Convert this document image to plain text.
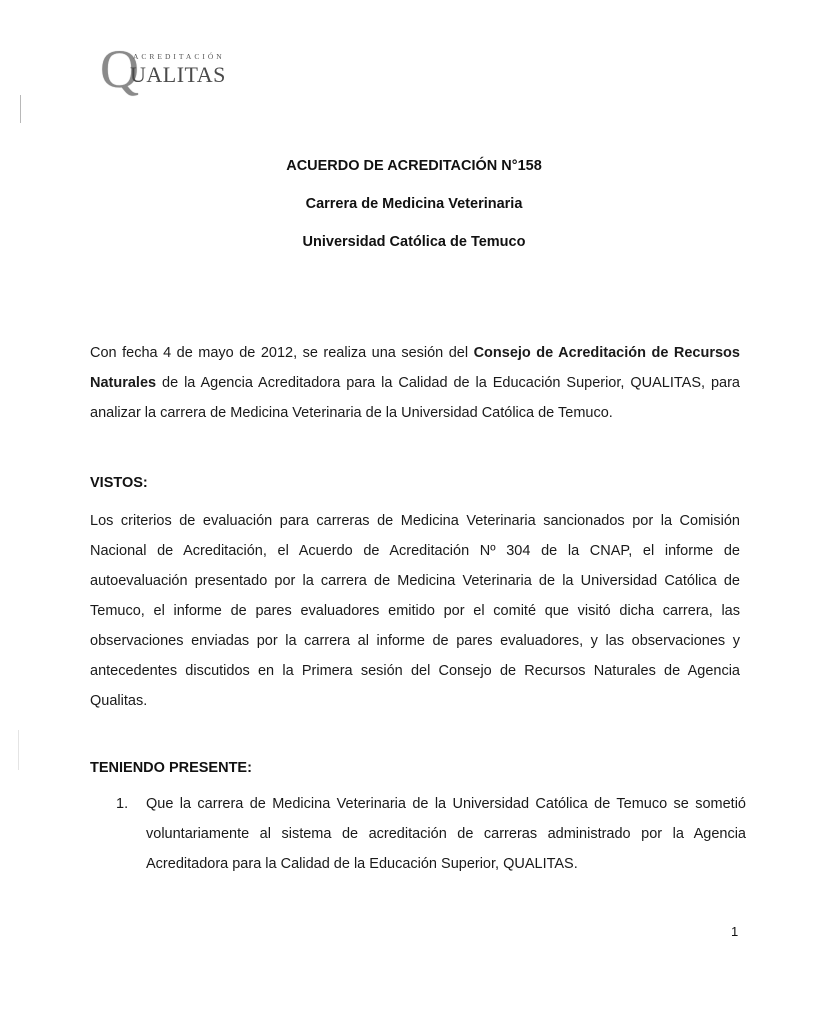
Q
ACREDITACIÓN
UALITAS
ACUERDO DE ACREDITACIÓN N°158
Carrera de Medicina Veterinaria
Universidad Católica de Temuco
Con fecha 4 de mayo de 2012, se realiza una sesión del Consejo de Acreditación de Recursos Naturales de la Agencia Acreditadora para la Calidad de la Educación Superior, QUALITAS, para analizar la carrera de Medicina Veterinaria de la Universidad Católica de Temuco.
VISTOS:
Los criterios de evaluación para carreras de Medicina Veterinaria sancionados por la Comisión Nacional de Acreditación, el Acuerdo de Acreditación Nº 304 de la CNAP, el informe de autoevaluación presentado por la carrera de Medicina Veterinaria de la Universidad Católica de Temuco, el informe de pares evaluadores emitido por el comité que visitó dicha carrera, las observaciones enviadas por la carrera al informe de pares evaluadores, y las observaciones y antecedentes discutidos en la Primera sesión del Consejo de Recursos Naturales de Agencia Qualitas.
TENIENDO PRESENTE:
1.	Que la carrera de Medicina Veterinaria de la Universidad Católica de Temuco se sometió voluntariamente al sistema de acreditación de carreras administrado por la Agencia Acreditadora para la Calidad de la Educación Superior, QUALITAS.
1
